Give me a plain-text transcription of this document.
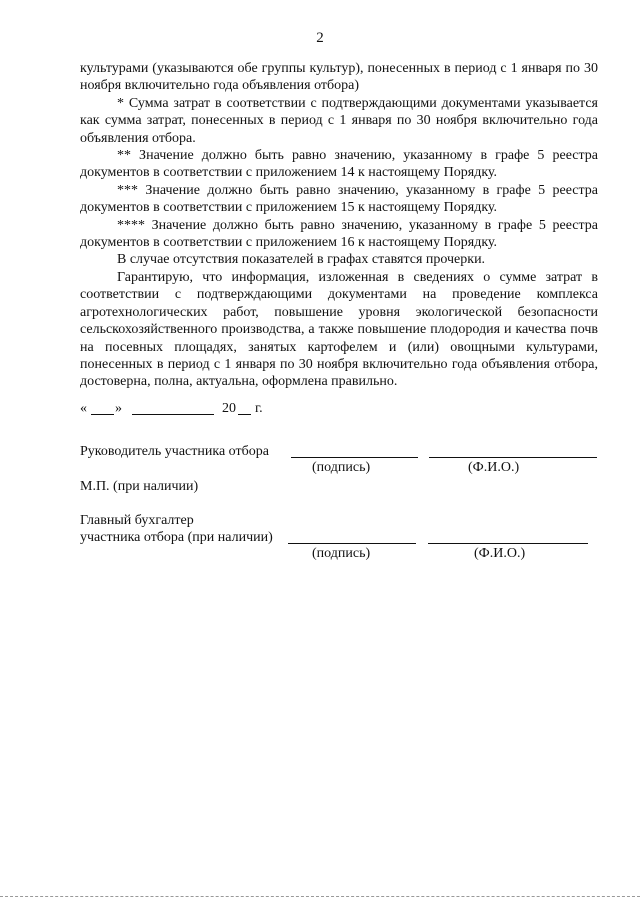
2

культурами (указываются обе группы культур), понесенных в период с 1 января по 30 ноября включительно года объявления отбора)

* Сумма затрат в соответствии с подтверждающими документами указывается как сумма затрат, понесенных в период с 1 января по 30 ноября включительно года объявления отбора.

** Значение должно быть равно значению, указанному в графе 5 реестра документов в соответствии с приложением 14 к настоящему Порядку.

*** Значение должно быть равно значению, указанному в графе 5 реестра документов в соответствии с приложением 15 к настоящему Порядку.

**** Значение должно быть равно значению, указанному в графе 5 реестра документов в соответствии с приложением 16 к настоящему Порядку.

В случае отсутствия показателей в графах ставятся прочерки.

Гарантирую, что информация, изложенная в сведениях о сумме затрат в соответствии с подтверждающими документами на проведение комплекса агротехнологических работ, повышение уровня экологической безопасности сельскохозяйственного производства, а также повышение плодородия и качества почв на посевных площадях, занятых картофелем и (или) овощными культурами, понесенных в период с 1 января по 30 ноября включительно года объявления отбора, достоверна, полна, актуальна, оформлена правильно.

« »	20 г.
Руководитель участника отбора
(подпись)	(Ф.И.О.)
М.П. (при наличии)
Главный бухгалтер
участника отбора (при наличии)
(подпись)	(Ф.И.О.)
